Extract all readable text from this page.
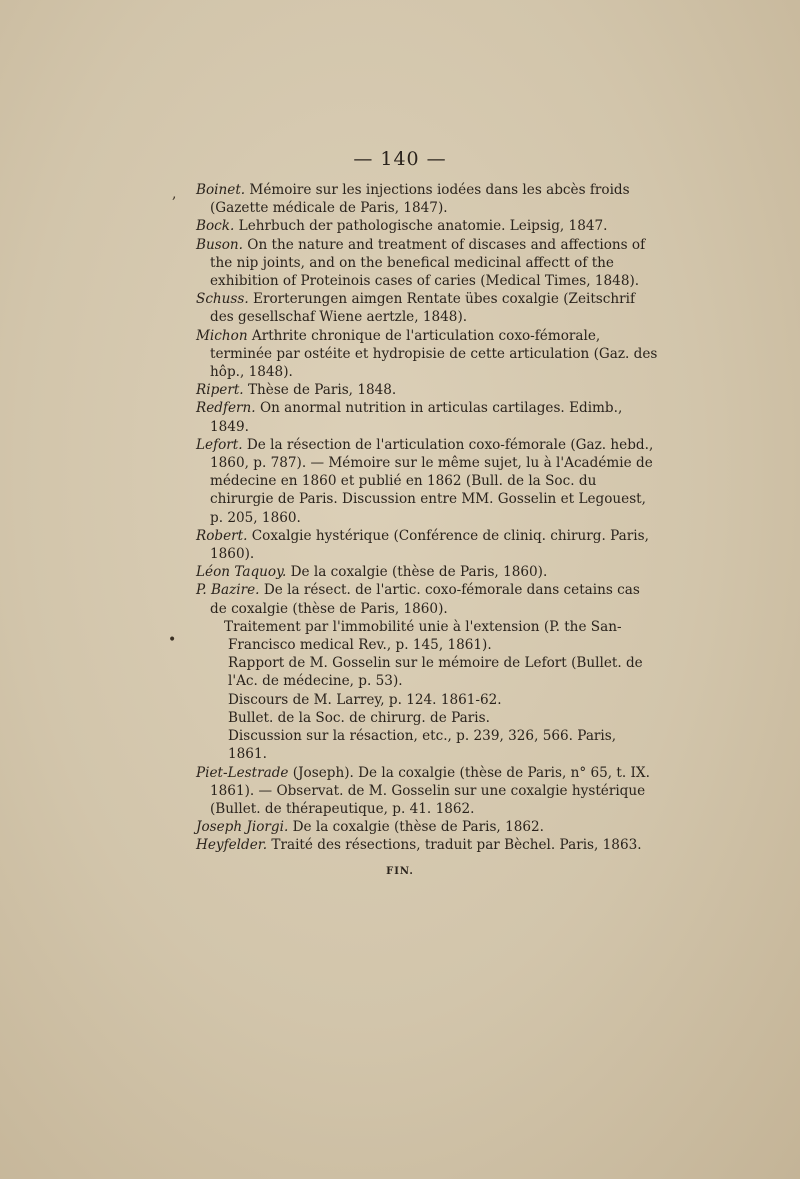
— 140 —

Boinet. Mémoire sur les injections iodées dans les abcès froids (Gazette médicale de Paris, 1847).

Bock. Lehrbuch der pathologische anatomie. Leipsig, 1847.

Buson. On the nature and treatment of discases and affections of the nip joints, and on the benefical medicinal affectt of the exhibition of Proteinois cases of caries (Medical Times, 1848).

Schuss. Erorterungen aimgen Rentate übes coxalgie (Zeitschrif des gesellschaf Wiene aertzle, 1848).

Michon Arthrite chronique de l'articulation coxo-fémorale, terminée par ostéite et hydropisie de cette articulation (Gaz. des hôp., 1848).

Ripert. Thèse de Paris, 1848.

Redfern. On anormal nutrition in articulas cartilages. Edimb., 1849.

Lefort. De la résection de l'articulation coxo-fémorale (Gaz. hebd., 1860, p. 787). — Mémoire sur le même sujet, lu à l'Académie de médecine en 1860 et publié en 1862 (Bull. de la Soc. du chirurgie de Paris. Discussion entre MM. Gosselin et Legouest, p. 205, 1860.

Robert. Coxalgie hystérique (Conférence de cliniq. chirurg. Paris, 1860).

Léon Taquoy. De la coxalgie (thèse de Paris, 1860).

P. Bazire. De la résect. de l'artic. coxo-fémorale dans cetains cas de coxalgie (thèse de Paris, 1860).

Traitement par l'immobilité unie à l'extension (P. the San-Francisco medical Rev., p. 145, 1861).

Rapport de M. Gosselin sur le mémoire de Lefort (Bullet. de l'Ac. de médecine, p. 53).

Discours de M. Larrey, p. 124. 1861-62.

Bullet. de la Soc. de chirurg. de Paris.

Discussion sur la résaction, etc., p. 239, 326, 566. Paris, 1861.

Piet-Lestrade (Joseph). De la coxalgie (thèse de Paris, n° 65, t. IX. 1861). — Observat. de M. Gosselin sur une coxalgie hystérique (Bullet. de thérapeutique, p. 41. 1862.

Joseph Jiorgi. De la coxalgie (thèse de Paris, 1862.

Heyfelder. Traité des résections, traduit par Bèchel. Paris, 1863.

FIN.
,
•
